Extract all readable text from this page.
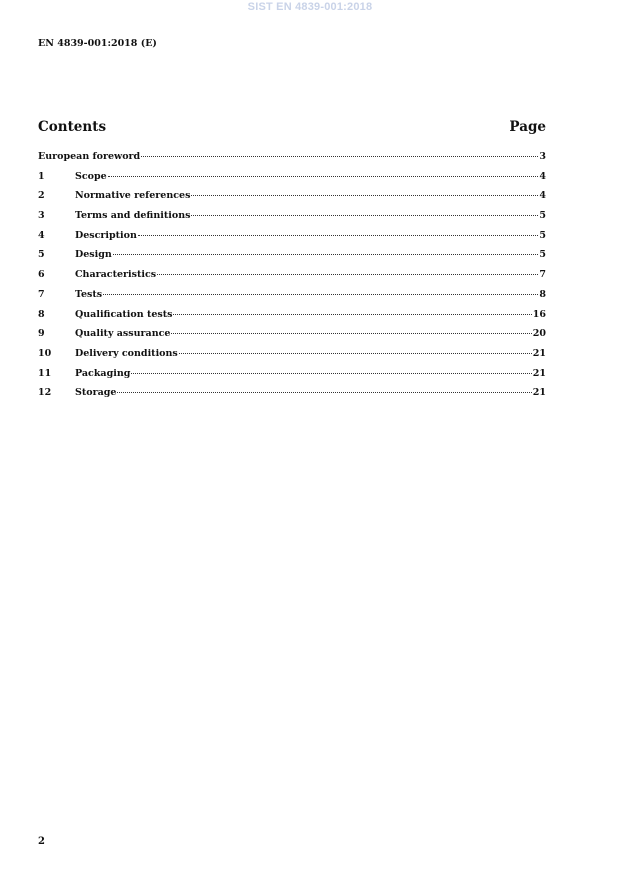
SIST EN 4839-001:2018
EN 4839-001:2018 (E)
Contents	Page
European foreword	3
1	Scope	4
2	Normative references	4
3	Terms and definitions	5
4	Description	5
5	Design	5
6	Characteristics	7
7	Tests	8
8	Qualification tests	16
9	Quality assurance	20
10	Delivery conditions	21
11	Packaging	21
12	Storage	21
2
